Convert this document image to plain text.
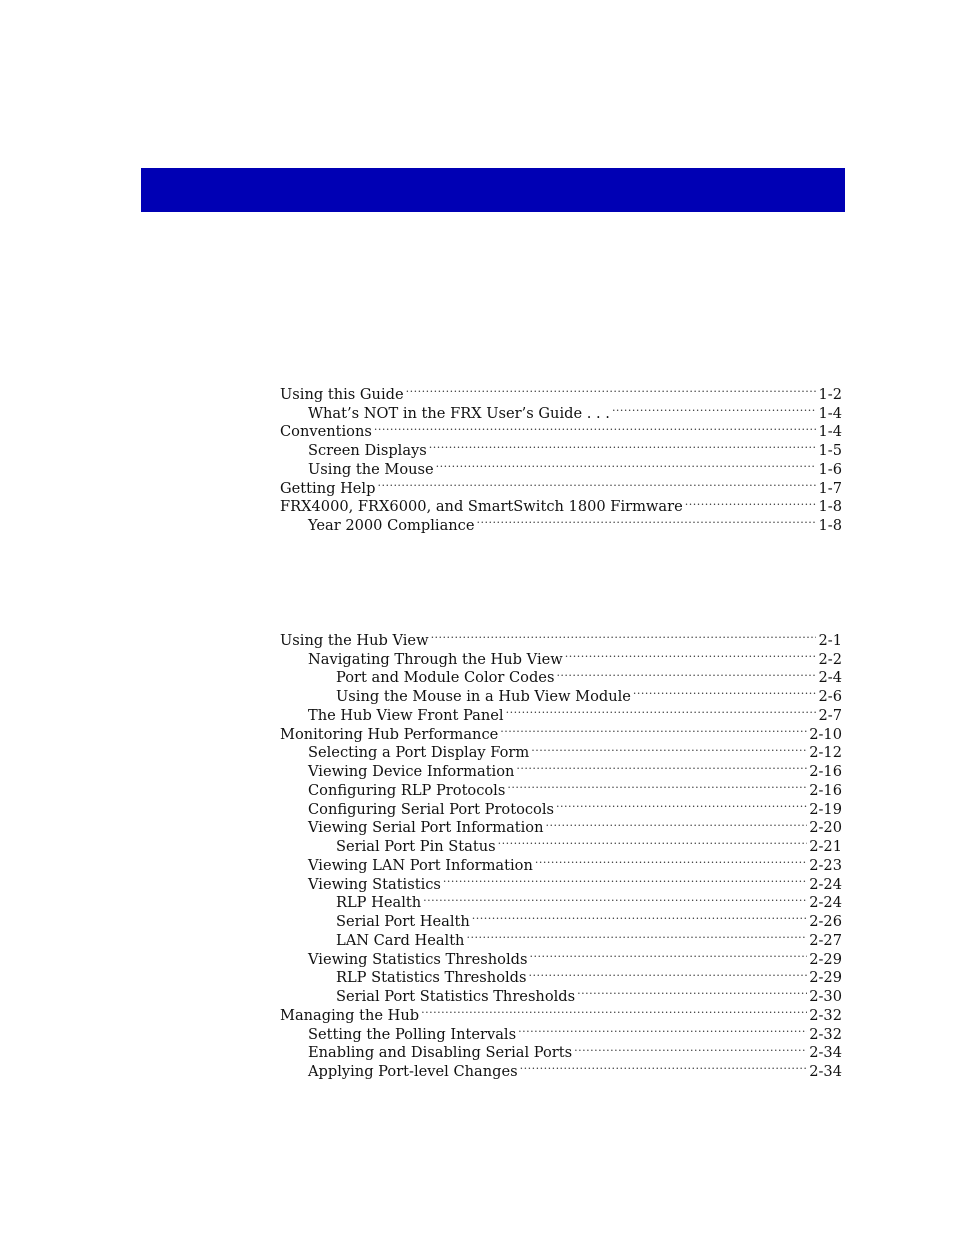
Using this Guide .....	1-2
What’s NOT in the FRX User’s Guide . . . .....	1-4
Conventions .....	1-4
Screen Displays .....	1-5
Using the Mouse .....	1-6
Getting Help .....	1-7
FRX4000, FRX6000, and SmartSwitch 1800 Firmware .....	1-8
Year 2000 Compliance .....	1-8
Using the Hub View .....	2-1
Navigating Through the Hub View .....	2-2
Port and Module Color Codes .....	2-4
Using the Mouse in a Hub View Module .....	2-6
The Hub View Front Panel .....	2-7
Monitoring Hub Performance .....	2-10
Selecting a Port Display Form .....	2-12
Viewing Device Information .....	2-16
Configuring RLP Protocols .....	2-16
Configuring Serial Port Protocols .....	2-19
Viewing Serial Port Information .....	2-20
Serial Port Pin Status .....	2-21
Viewing LAN Port Information .....	2-23
Viewing Statistics .....	2-24
RLP Health .....	2-24
Serial Port Health .....	2-26
LAN Card Health .....	2-27
Viewing Statistics Thresholds .....	2-29
RLP Statistics Thresholds .....	2-29
Serial Port Statistics Thresholds .....	2-30
Managing the Hub .....	2-32
Setting the Polling Intervals .....	2-32
Enabling and Disabling Serial Ports .....	2-34
Applying Port-level Changes .....	2-34
